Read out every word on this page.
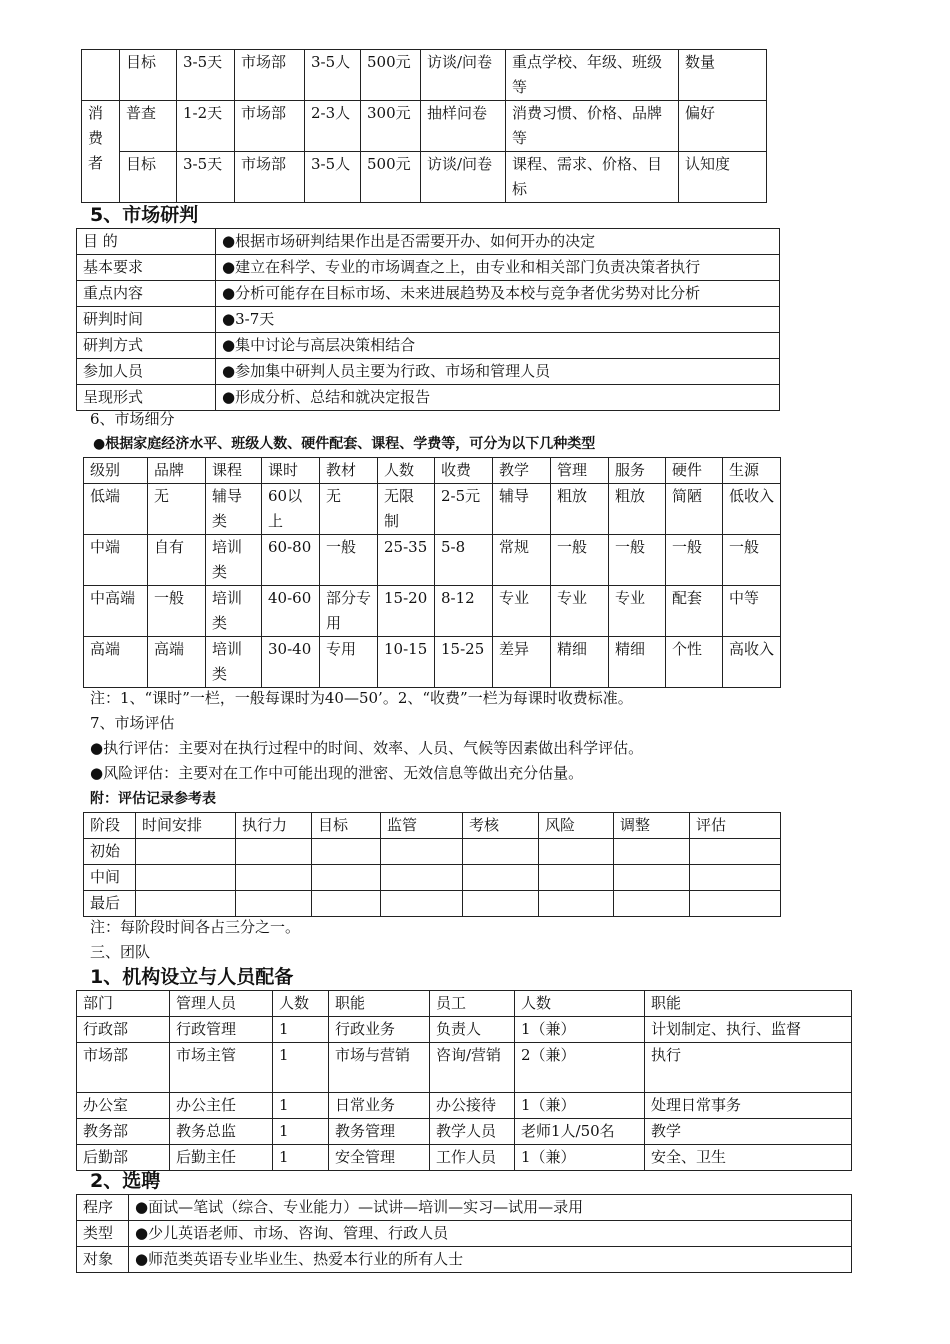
	目标	3-5天	市场部	3-5人	500元	访谈/问卷	重点学校、年级、班级等	数量
消费者	普查	1-2天	市场部	2-3人	300元	抽样问卷	消费习惯、价格、品牌等	偏好
	目标	3-5天	市场部	3-5人	500元	访谈/问卷	课程、需求、价格、目标	认知度
5、市场研判
目 的	●根据市场研判结果作出是否需要开办、如何开办的决定
基本要求	●建立在科学、专业的市场调查之上，由专业和相关部门负责决策者执行
重点内容	●分析可能存在目标市场、未来进展趋势及本校与竞争者优劣势对比分析
研判时间	●3-7天
研判方式	●集中讨论与高层决策相结合
参加人员	●参加集中研判人员主要为行政、市场和管理人员
呈现形式	●形成分析、总结和就决定报告
6、市场细分
●根据家庭经济水平、班级人数、硬件配套、课程、学费等，可分为以下几种类型
级别	品牌	课程	课时	教材	人数	收费	教学	管理	服务	硬件	生源
低端	无	辅导类	60以上	无	无限制	2-5元	辅导	粗放	粗放	简陋	低收入
中端	自有	培训类	60-80	一般	25-35	5-8	常规	一般	一般	一般	一般
中高端	一般	培训类	40-60	部分专用	15-20	8-12	专业	专业	专业	配套	中等
高端	高端	培训类	30-40	专用	10-15	15-25	差异	精细	精细	个性	高收入
注：1、“课时”一栏，一般每课时为40—50’。2、“收费”一栏为每课时收费标准。
7、市场评估
●执行评估：主要对在执行过程中的时间、效率、人员、气候等因素做出科学评估。
●风险评估：主要对在工作中可能出现的泄密、无效信息等做出充分估量。
附：评估记录参考表
阶段	时间安排	执行力	目标	监管	考核	风险	调整	评估
初始								
中间								
最后								
注：每阶段时间各占三分之一。
三、团队
1、机构设立与人员配备
部门	管理人员	人数	职能	员工	人数	职能
行政部	行政管理	1	行政业务	负责人	1（兼）	计划制定、执行、监督
市场部	市场主管	1	市场与营销	咨询/营销	2（兼）	执行
办公室	办公主任	1	日常业务	办公接待	1（兼）	处理日常事务
教务部	教务总监	1	教务管理	教学人员	老师1人/50名	教学
后勤部	后勤主任	1	安全管理	工作人员	1（兼）	安全、卫生
2、选聘
程序	●面试—笔试（综合、专业能力）—试讲—培训—实习—试用—录用
类型	●少儿英语老师、市场、咨询、管理、行政人员
对象	●师范类英语专业毕业生、热爱本行业的所有人士
